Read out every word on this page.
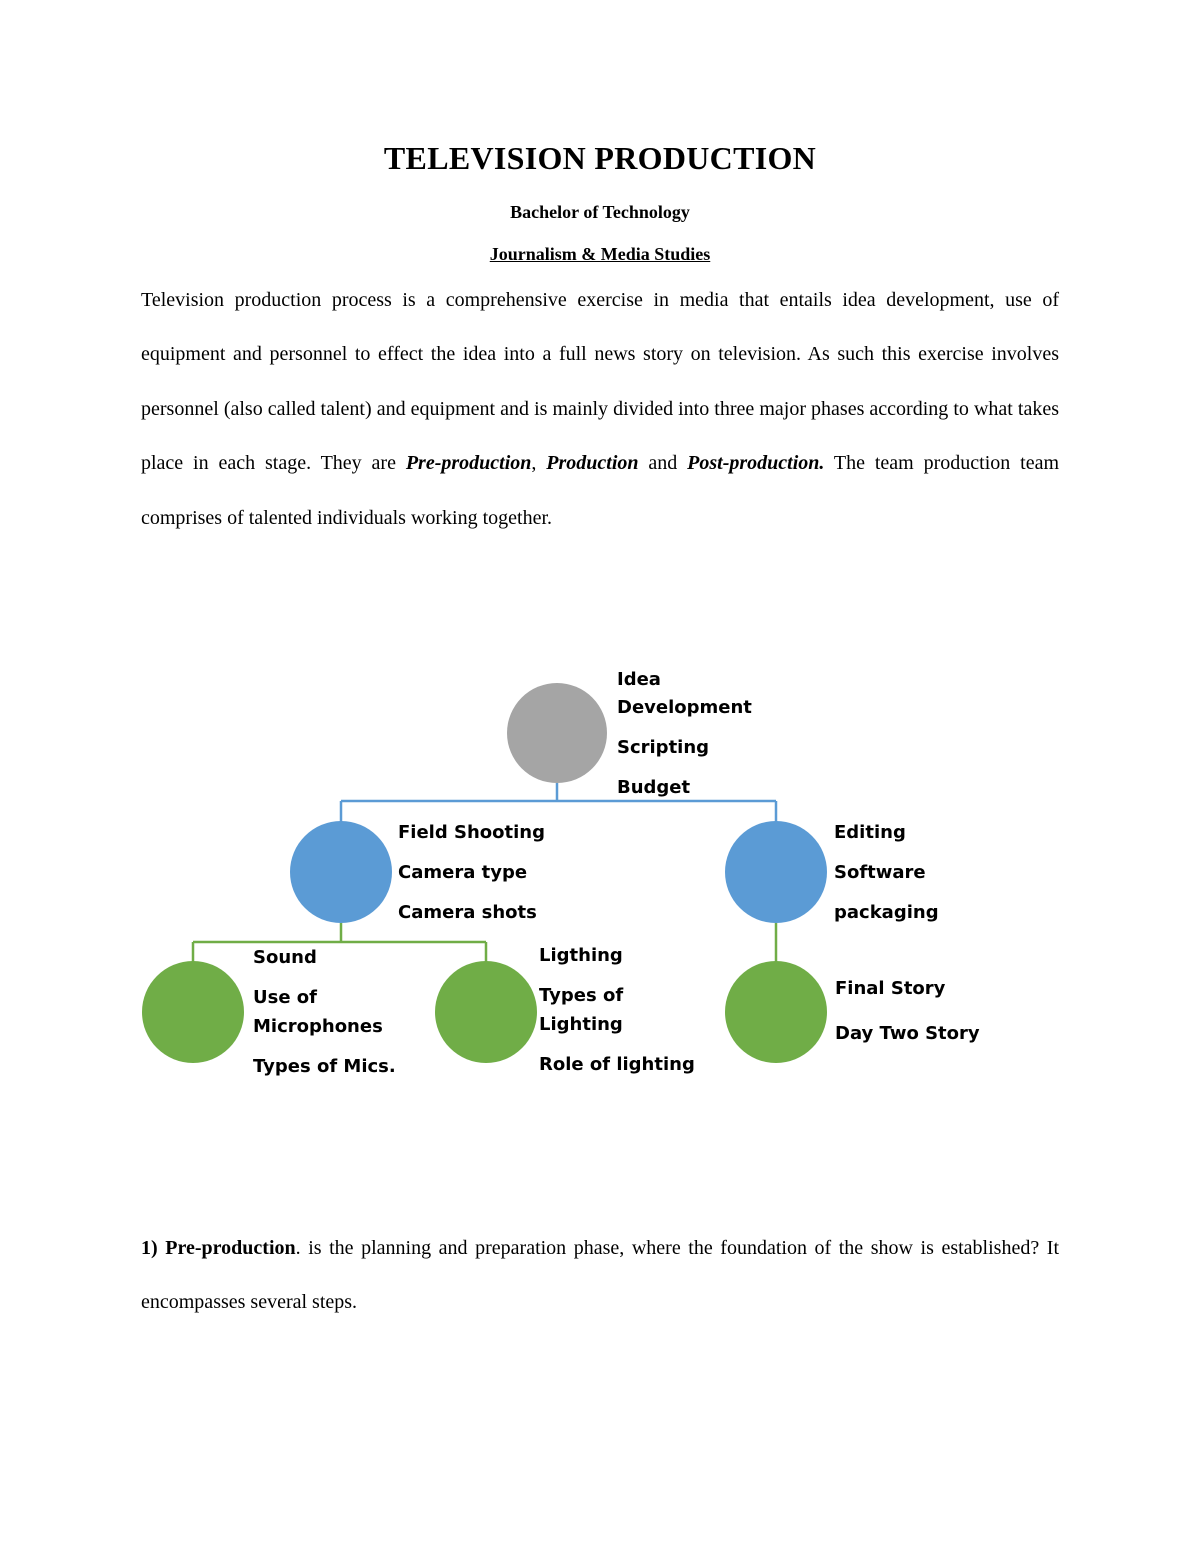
TELEVISION PRODUCTION
Bachelor of Technology
Journalism & Media Studies
Television production process is a comprehensive exercise in media that entails idea development, use of equipment and personnel to effect the idea into a full news story on television. As such this exercise involves personnel (also called talent) and equipment and is mainly divided into three major phases according to what takes place in each stage. They are Pre-production, Production and Post-production. The team production team comprises of talented individuals working together.
Idea
Development
Scripting
Budget
Field Shooting
Camera type
Camera shots
Editing
Software
packaging
Sound
Use of
Microphones
Types of Mics.
Ligthing
Types of
Lighting
Role of lighting
Final Story
Day Two Story
1) Pre-production. is the planning and preparation phase, where the foundation of the show is established? It encompasses several steps.
